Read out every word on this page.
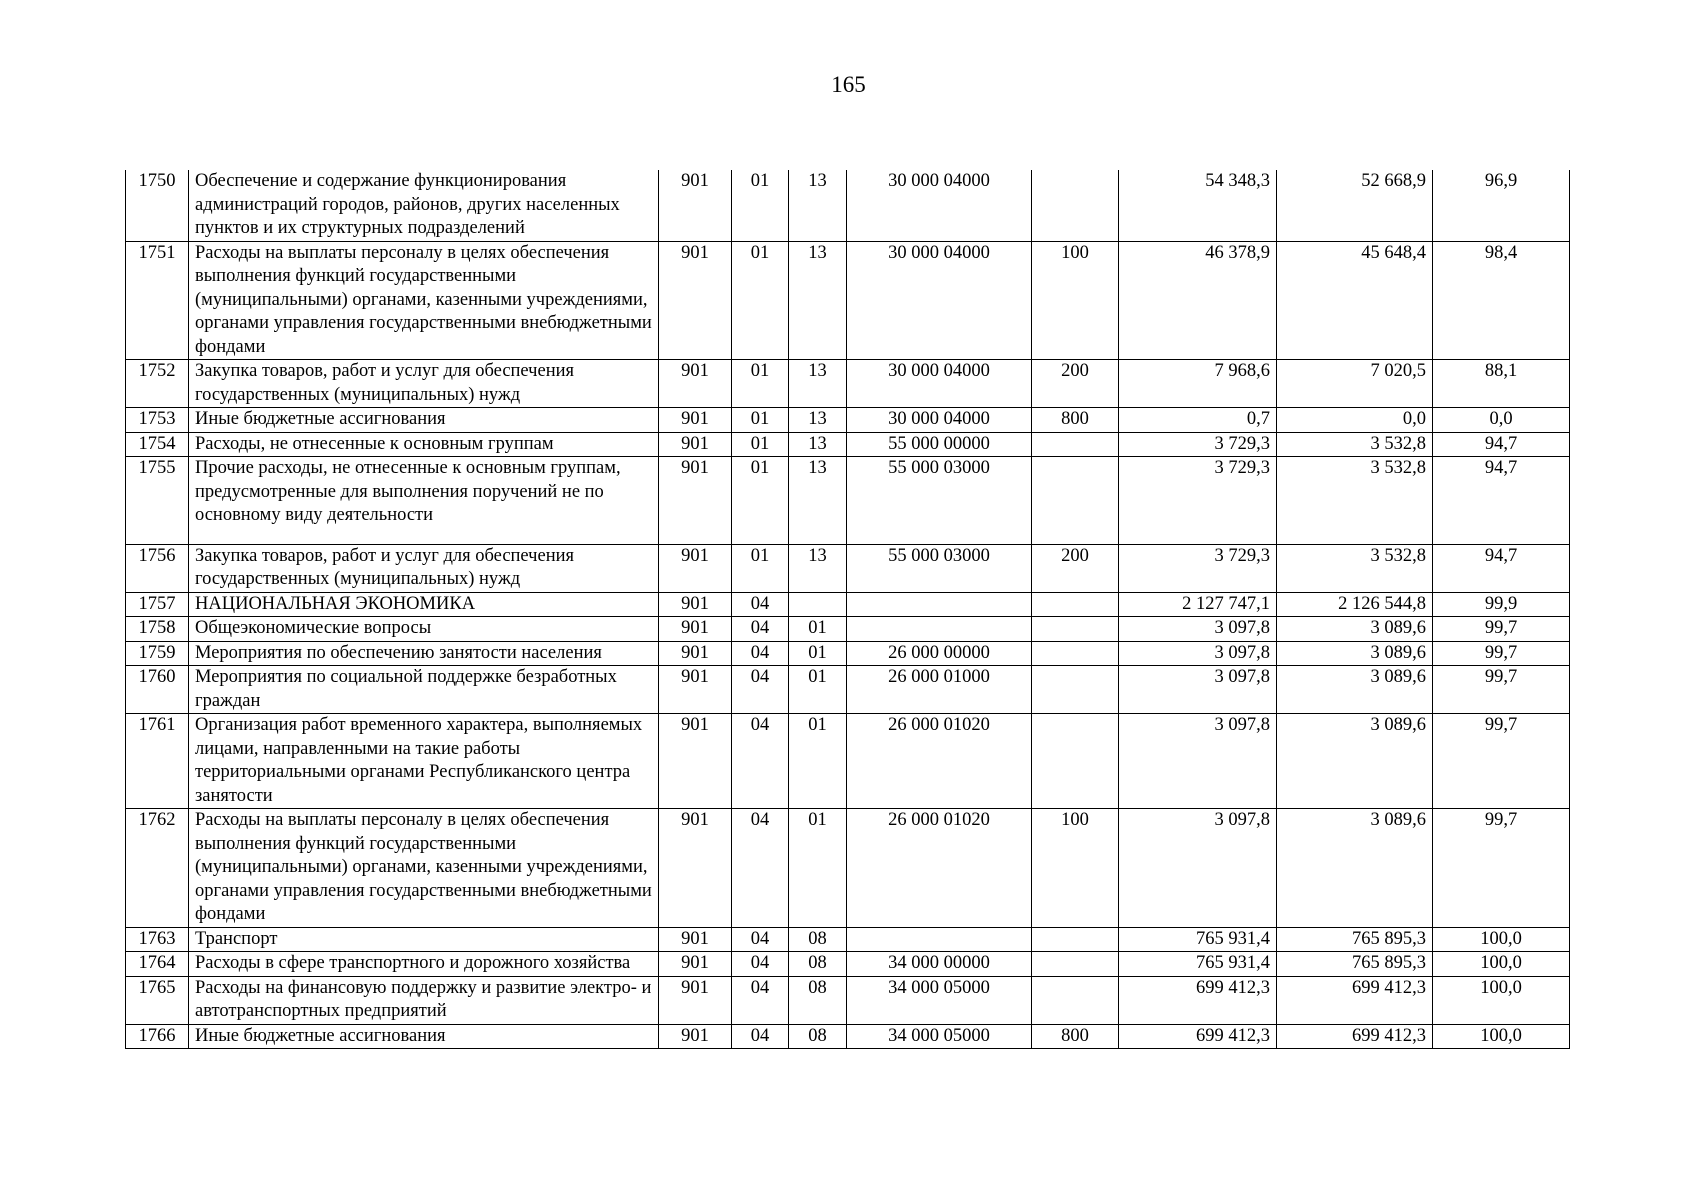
165
1750	Обеспечение и содержание функционирования администраций городов, районов, других населенных пунктов и их структурных подразделений	901	01	13	30 000 04000		54 348,3	52 668,9	96,9
1751	Расходы на выплаты персоналу в целях обеспечения выполнения функций государственными (муниципальными) органами, казенными учреждениями, органами управления государственными внебюджетными фондами	901	01	13	30 000 04000	100	46 378,9	45 648,4	98,4
1752	Закупка товаров, работ и услуг для обеспечения государственных (муниципальных) нужд	901	01	13	30 000 04000	200	7 968,6	7 020,5	88,1
1753	Иные бюджетные ассигнования	901	01	13	30 000 04000	800	0,7	0,0	0,0
1754	Расходы, не отнесенные к основным группам	901	01	13	55 000 00000		3 729,3	3 532,8	94,7
1755	Прочие расходы, не отнесенные к основным группам, предусмотренные для выполнения поручений не по основному виду деятельности	901	01	13	55 000 03000		3 729,3	3 532,8	94,7
1756	Закупка товаров, работ и услуг для обеспечения государственных (муниципальных) нужд	901	01	13	55 000 03000	200	3 729,3	3 532,8	94,7
1757	НАЦИОНАЛЬНАЯ ЭКОНОМИКА	901	04				2 127 747,1	2 126 544,8	99,9
1758	Общеэкономические вопросы	901	04	01			3 097,8	3 089,6	99,7
1759	Мероприятия по обеспечению занятости населения	901	04	01	26 000 00000		3 097,8	3 089,6	99,7
1760	Мероприятия по социальной поддержке безработных граждан	901	04	01	26 000 01000		3 097,8	3 089,6	99,7
1761	Организация работ временного характера, выполняемых лицами, направленными на такие работы территориальными органами Республиканского центра занятости	901	04	01	26 000 01020		3 097,8	3 089,6	99,7
1762	Расходы на выплаты персоналу в целях обеспечения выполнения функций государственными (муниципальными) органами, казенными учреждениями, органами управления государственными внебюджетными фондами	901	04	01	26 000 01020	100	3 097,8	3 089,6	99,7
1763	Транспорт	901	04	08			765 931,4	765 895,3	100,0
1764	Расходы в сфере транспортного и дорожного хозяйства	901	04	08	34 000 00000		765 931,4	765 895,3	100,0
1765	Расходы на финансовую поддержку и развитие электро- и автотранспортных предприятий	901	04	08	34 000 05000		699 412,3	699 412,3	100,0
1766	Иные бюджетные ассигнования	901	04	08	34 000 05000	800	699 412,3	699 412,3	100,0
